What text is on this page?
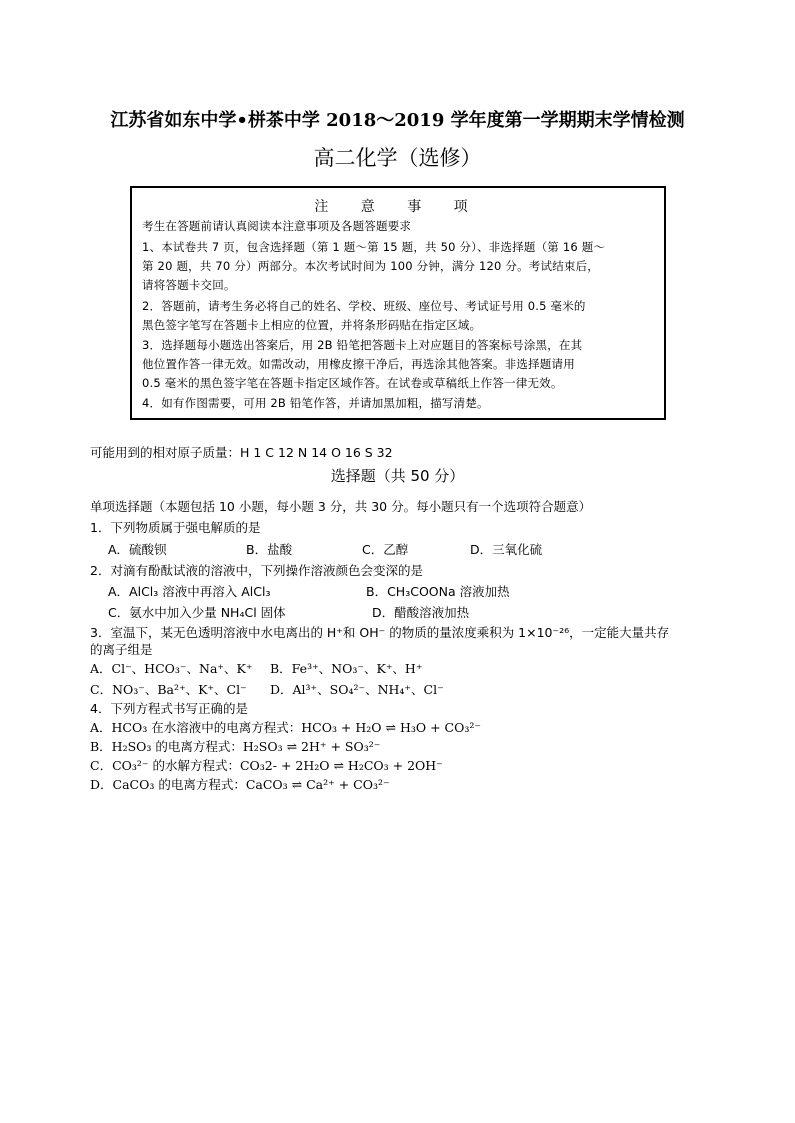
江苏省如东中学•栟茶中学 2018～2019 学年度第一学期期末学情检测
高二化学（选修）
注 意 事 项
考生在答题前请认真阅读本注意事项及各题答题要求
1、本试卷共 7 页，包含选择题（第 1 题～第 15 题，共 50 分）、非选择题（第 16 题～
第 20 题，共 70 分）两部分。本次考试时间为 100 分钟，满分 120 分。考试结束后，
请将答题卡交回。
2．答题前，请考生务必将自己的姓名、学校、班级、座位号、考试证号用 0.5 毫米的
黑色签字笔写在答题卡上相应的位置，并将条形码贴在指定区域。
3．选择题每小题选出答案后，用 2B 铅笔把答题卡上对应题目的答案标号涂黑，在其
他位置作答一律无效。如需改动，用橡皮擦干净后，再选涂其他答案。非选择题请用
0.5 毫米的黑色签字笔在答题卡指定区域作答。在试卷或草稿纸上作答一律无效。
4．如有作图需要，可用 2B 铅笔作答，并请加黑加粗，描写清楚。
可能用到的相对原子质量：H 1 C 12 N 14 O 16 S 32
选择题（共 50 分）
单项选择题（本题包括 10 小题，每小题 3 分，共 30 分。每小题只有一个选项符合题意）
1．下列物质属于强电解质的是
A．硫酸钡	B．盐酸	C．乙醇	D．三氧化硫
2．对滴有酚酞试液的溶液中，下列操作溶液颜色会变深的是
A．AlCl₃ 溶液中再溶入 AlCl₃	B．CH₃COONa 溶液加热
C．氨水中加入少量 NH₄Cl 固体	D．醋酸溶液加热
3．室温下，某无色透明溶液中水电离出的 H⁺和 OH⁻ 的物质的量浓度乘积为 1×10⁻²⁶，一定能大量共存
的离子组是
A．Cl⁻、HCO₃⁻、Na⁺、K⁺ B．Fe³⁺、NO₃⁻、K⁺、H⁺
C．NO₃⁻、Ba²⁺、K⁺、Cl⁻ D．Al³⁺、SO₄²⁻、NH₄⁺、Cl⁻
4．下列方程式书写正确的是
A．HCO₃ 在水溶液中的电离方程式：HCO₃ + H₂O ⇌ H₃O + CO₃²⁻
B．H₂SO₃ 的电离方程式：H₂SO₃ ⇌ 2H⁺ + SO₃²⁻
C．CO₃²⁻ 的水解方程式：CO₃2- + 2H₂O ⇌ H₂CO₃ + 2OH⁻
D．CaCO₃ 的电离方程式：CaCO₃ ⇌ Ca²⁺ + CO₃²⁻
